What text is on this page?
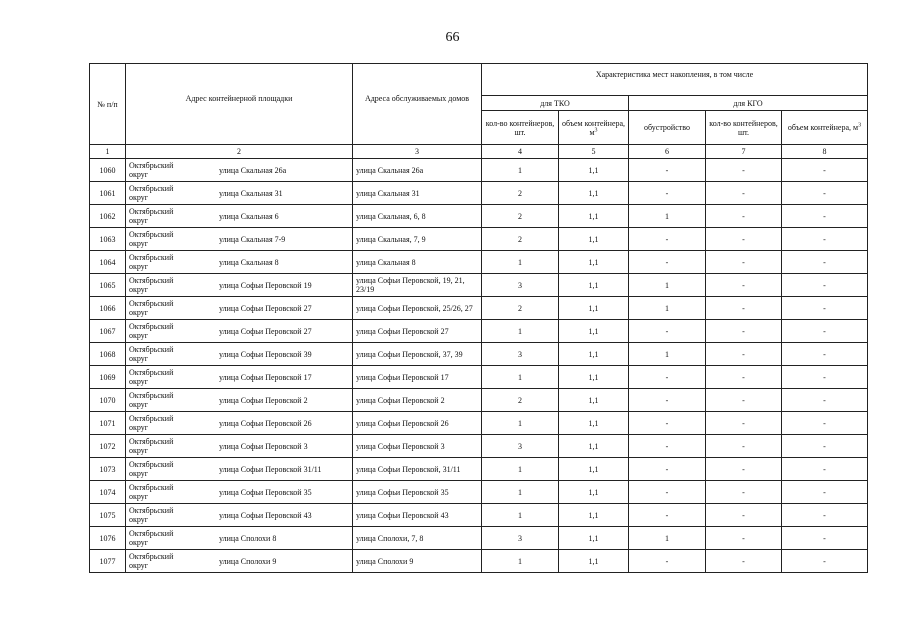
66
№ п/п	Адрес контейнерной площадки	Адреса обслуживаемых домов	Характеристика мест накопления, в том числе				
			для ТКО		для КГО		
			кол-во контейнеров, шт.	объем контейнера, $м^3$	обустройство	кол-во контейнеров, шт.	объем контейнера, $м^3$
1	2	3	4	5	6	7	8
1060	Октябрьский округ улица Скальная 26а	улица Скальная 26а	1	1,1	-	-	-
1061	Октябрьский округ улица Скальная 31	улица Скальная 31	2	1,1	-	-	-
1062	Октябрьский округ улица Скальная 6	улица Скальная, 6, 8	2	1,1	1	-	-
1063	Октябрьский округ улица Скальная 7-9	улица Скальная, 7, 9	2	1,1	-	-	-
1064	Октябрьский округ улица Скальная 8	улица Скальная 8	1	1,1	-	-	-
1065	Октябрьский округ улица Софьи Перовской 19	улица Софьи Перовской, 19, 21, 23/19	3	1,1	1	-	-
1066	Октябрьский округ улица Софьи Перовской 27	улица Софьи Перовской, 25/26, 27	2	1,1	1	-	-
1067	Октябрьский округ улица Софьи Перовской 27	улица Софьи Перовской 27	1	1,1	-	-	-
1068	Октябрьский округ улица Софьи Перовской 39	улица Софьи Перовской, 37, 39	3	1,1	1	-	-
1069	Октябрьский округ улица Софьи Перовской 17	улица Софьи Перовской 17	1	1,1	-	-	-
1070	Октябрьский округ улица Софьи Перовской 2	улица Софьи Перовской 2	2	1,1	-	-	-
1071	Октябрьский округ улица Софьи Перовской 26	улица Софьи Перовской 26	1	1,1	-	-	-
1072	Октябрьский округ улица Софьи Перовской 3	улица Софьи Перовской 3	3	1,1	-	-	-
1073	Октябрьский округ улица Софьи Перовской 31/11	улица Софьи Перовской, 31/11	1	1,1	-	-	-
1074	Октябрьский округ улица Софьи Перовской 35	улица Софьи Перовской 35	1	1,1	-	-	-
1075	Октябрьский округ улица Софьи Перовской 43	улица Софьи Перовской 43	1	1,1	-	-	-
1076	Октябрьский округ улица Сполохи 8	улица Сполохи, 7, 8	3	1,1	1	-	-
1077	Октябрьский округ улица Сполохи 9	улица Сполохи 9	1	1,1	-	-	-
